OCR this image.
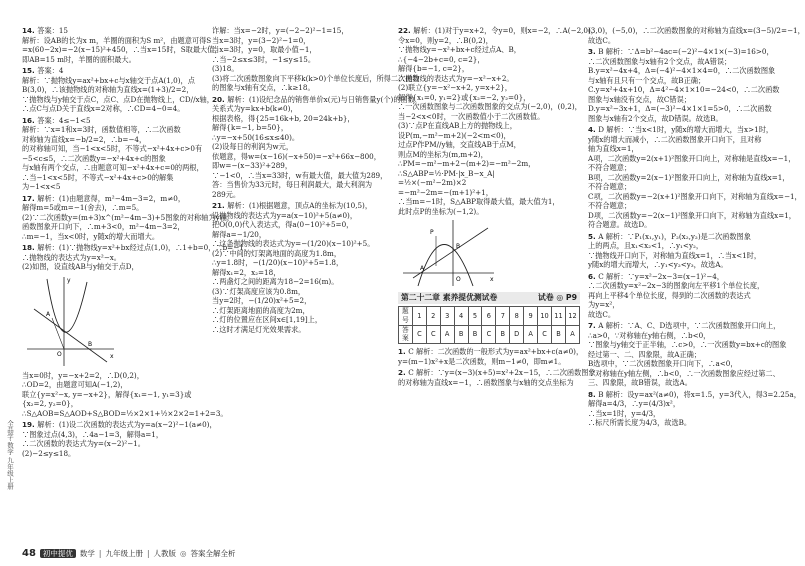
14. 答案：15
解析：设AB的长为x m，羊圈的面积为S m²，由题意可得S
=x(60−2x)=−2(x−15)²+450，∴当x=15时，S取最大值，
即AB=15 m时，羊圈的面积最大。
15. 答案：4
解析：∵抛物线y=ax²+bx+c与x轴交于点A(1,0)，点
B(3,0)，∴该抛物线的对称轴为直线x=(1+3)/2=2，
∵抛物线与y轴交于点C，点C、点D在抛物线上，CD//x轴，
∴点C与点D关于直线x=2对称，∴CD=4−0=4。
16. 答案：4≤−1<5
解析：∵x=1和x=3时，函数值相等，∴二次函数
对称轴为直线x=−b/2=2，∴b=−4，
的对称轴可知，当−1<x<5时，不等式−x²+4x+c>0有
−5<c≤5，∴二次函数y=−x²+4x+c的图象
与x轴有两个交点，∴由题意可知−x²+4x+c=0的两根，
∴当−1<x<5时，不等式−x²+4x+c>0的解集
为−1<x<5
17. 解析：(1)由题意得，m²−4m−3=2，m≠0，
解得m=5或m=−1(舍去)，∴m=5。
(2)∵二次函数y=(m+3)x^(m²−4m−3)+5图象的对称轴为y轴，
函数图象开口向下，∴m+3<0，m²−4m−3=2，
∴m=−1，当x<0时，y随x的增大而增大。
18. 解析：(1)∵抛物线y=x²+bx经过点(1,0)，∴1+b=0，∴b=−1，
∴抛物线的表达式为y=x²−x。
(2)如图，设直线AB与y轴交于点D，
A
B
O	x
y
当x=0时，y=−x+2=2，∴D(0,2)，
∴OD=2，由题意可知A(−1,2)，
联立{y=x²−x, y=−x+2}，解得{x₁=−1, y₁=3}或
{x₂=2, y₂=0}，
∴S△AOB=S△AOD+S△BOD=½×2×1+½×2×2=1+2=3。
19. 解析：(1)设二次函数的表达式为y=a(x−2)²−1(a≠0)，
∵图象过点(4,3)，∴4a−1=3，解得a=1，
∴二次函数的表达式为y=(x−2)²−1。
(2)−2≤y≤18。
诈解：当x=−2时，y=(−2−2)²−1=15，
当x=3时，y=(3−2)²−1=0，
当x=3时，y=0，取最小值−1，
∴当−2≤x≤3时，−1≤y≤15。
(3)18。
(3)将二次函数图象向下平移k(k>0)个单位长度后，所得二次函数
的图象与x轴有交点，∴k≥18。
20. 解析：(1)设纪念品的销售单价x(元)与日销售量y(个)的函数
关系式为y=kx+b(k≠0)，
根据表格，得{25=16k+b, 20=24k+b}，
解得{k=−1, b=50}，
∴y=−x+50(16≤x≤40)。
(2)设每日的利润为w元，
依题意，得w=(x−16)(−x+50)=−x²+66x−800，
即w=−(x−33)²+289，
∵−1<0，∴当x=33时，w有最大值，最大值为289，
答：当售价为33元时，每日利润最大，最大利润为
289元。
21. 解析：(1)根据题意，顶点A的坐标为(10,5)，
设抛物线的表达式为y=a(x−10)²+5(a≠0)，
把O(0,0)代入表达式，得a(0−10)²+5=0，
解得a=−1/20，
∴这条抛物线的表达式为y=−(1/20)(x−10)²+5。
(2)∵中间的灯架离地面的高度为1.8m，
∴y=1.8时，−(1/20)(x−10)²+5=1.8，
解得x₁=2，x₂=18，
∴两盏灯之间的距离为18−2=16(m)。
(3)∵灯架高度应该为0.8m，
当y=2时，−(1/20)x²+5=2，
∴灯架距离地面的高度为2m，
∴灯的位置应在区间x∈[1,19]上，
∴这时才满足灯光效果需求。
22. 解析：(1)对于y=x+2，令y=0，则x=−2，∴A(−2,0)，
令x=0，则y=2，∴B(0,2)，
∵抛物线y=−x²+bx+c经过点A、B，
∴{−4−2b+c=0, c=2}，
解得{b=−1, c=2}，
∴抛物线的表达式为y=−x²−x+2。
(2)联立{y=−x²−x+2, y=x+2}，
解得{x₁=0, y₁=2}或{x₂=−2, y₂=0}，
∴一次函数图象与二次函数图象的交点为(−2,0)，(0,2)，
当−2<x<0时，一次函数值小于二次函数值。
(3)∵点P在直线AB上方的抛物线上，
设P(m,−m²−m+2)(−2<m<0)，
过点P作PM//y轴，交直线AB于点M，
则点M的坐标为(m,m+2)，
∴PM=−m²−m+2−(m+2)=−m²−2m，
∴S△ABP=½·PM·|x_B−x_A|
=½×(−m²−2m)×2
=−m²−2m=−(m+1)²+1，
∴当m=−1时，S△ABP取得最大值，最大值为1，
此时点P的坐标为(−1,2)。
P
A
B
O	x
第二十二章 素养提优测试卷	试卷 ◎ P9
题号	1	2	3	4	5	6	7	8	9	10	11	12
答案	C	C	A	B	B	C	B	D	A	C	B	A
1. C 解析：二次函数的一般形式为y=ax²+bx+c(a≠0)，
y=(m−1)x²+x是二次函数，则m−1≠0，即m≠1。
2. C 解析：∵y=(x−3)(x+5)=x²+2x−15，∴二次函数图象
的对称轴为直线x=−1，∴函数图象与x轴的交点坐标为
(3,0)，(−5,0)，∴二次函数图象的对称轴为直线x=(3−5)/2=−1，
故选C。
3. B 解析：∵Δ=b²−4ac=(−2)²−4×1×(−3)=16>0，
∴二次函数图象与x轴有2个交点，故A错误；
B.y=x²−4x+4，Δ=(−4)²−4×1×4=0，∴二次函数图象
与x轴有且只有一个交点，故B正确；
C.y=x²+4x+10，Δ=4²−4×1×10=−24<0，∴二次函数
图象与x轴没有交点，故C错误；
D.y=x²−3x+1，Δ=(−3)²−4×1×1=5>0，∴二次函数
图象与x轴有2个交点，故D错误。故选B。
4. D 解析：∵当x<1时，y随x的增大而增大，当x>1时，
y随x的增大而减小，∴二次函数图象开口向下，且对称
轴为直线x=1，
A项，二次函数y=2(x+1)²图象开口向上，对称轴是直线x=−1，
不符合题意；
B项，二次函数y=2(x−1)²图象开口向上，对称轴为直线x=1，
不符合题意；
C项，二次函数y=−2(x+1)²图象开口向下，对称轴为直线x=−1，
不符合题意；
D项，二次函数y=−2(x−1)²图象开口向下，对称轴为直线x=1，
符合题意。故选D。
5. A 解析：∵P₁(x₁,y₁)，P₂(x₂,y₂)是二次函数图象
上的两点，且x₁<x₂<1，∴y₁<y₂，
∵抛物线开口向下，对称轴为直线x=1，∴当x<1时，
y随x的增大而增大，∴y₁<y₂<y₃，故选A。
6. C 解析：∵y=x²−2x−3=(x−1)²−4，
∴二次函数y=x²−2x−3的图象向左平移1个单位长度，
再向上平移4个单位长度，得到的二次函数的表达式
为y=x²，
故选C。
7. A 解析：∵A、C、D选项中，∵二次函数图象开口向上，
∴a>0，∵对称轴在y轴右侧，∴b<0，
∵图象与y轴交于正半轴，∴c>0，∴一次函数y=bx+c的图象
经过第一、二、四象限，故A正确；
B选项中，∵二次函数图象开口向下，∴a<0，
∵对称轴在y轴左侧，∴b<0，∴一次函数图象应经过第二、
三、四象限，故B错误，故选A。
8. B 解析：设y=ax²(a≠0)，将x=1.5，y=3代入，得3=2.25a，
解得a=4/3，∴y=(4/3)x²，
∴当x=1时，y=4/3，
∴标尺所需长度为4/3，故选B。
全品学·数学 九年级上册
48 初中提优 数学 | 九年级上册 | 人教版 ◎ 答案全解全析
